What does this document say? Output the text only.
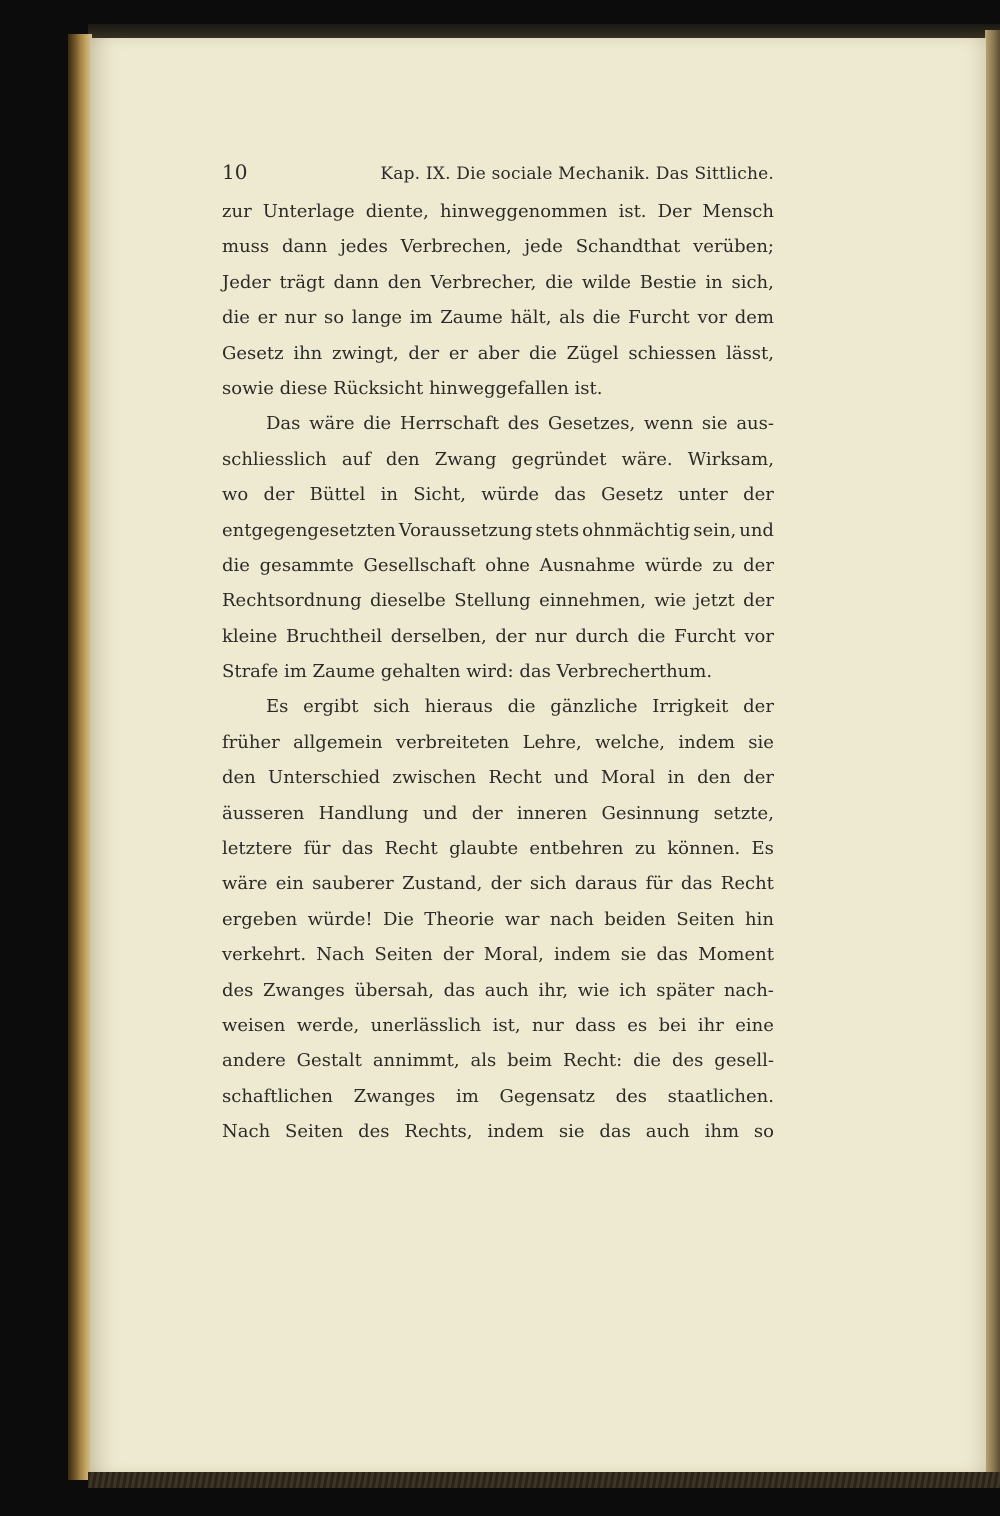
10	Kap. IX. Die sociale Mechanik. Das Sittliche.
zur Unterlage diente, hinweggenommen ist. Der Mensch
muss dann jedes Verbrechen, jede Schandthat verüben;
Jeder trägt dann den Verbrecher, die wilde Bestie in sich,
die er nur so lange im Zaume hält, als die Furcht vor dem
Gesetz ihn zwingt, der er aber die Zügel schiessen lässt,
sowie diese Rücksicht hinweggefallen ist.
Das wäre die Herrschaft des Gesetzes, wenn sie aus-
schliesslich auf den Zwang gegründet wäre. Wirksam,
wo der Büttel in Sicht, würde das Gesetz unter der
entgegengesetzten Voraussetzung stets ohnmächtig sein, und
die gesammte Gesellschaft ohne Ausnahme würde zu der
Rechtsordnung dieselbe Stellung einnehmen, wie jetzt der
kleine Bruchtheil derselben, der nur durch die Furcht vor
Strafe im Zaume gehalten wird: das Verbrecherthum.
Es ergibt sich hieraus die gänzliche Irrigkeit der
früher allgemein verbreiteten Lehre, welche, indem sie
den Unterschied zwischen Recht und Moral in den der
äusseren Handlung und der inneren Gesinnung setzte,
letztere für das Recht glaubte entbehren zu können. Es
wäre ein sauberer Zustand, der sich daraus für das Recht
ergeben würde! Die Theorie war nach beiden Seiten hin
verkehrt. Nach Seiten der Moral, indem sie das Moment
des Zwanges übersah, das auch ihr, wie ich später nach-
weisen werde, unerlässlich ist, nur dass es bei ihr eine
andere Gestalt annimmt, als beim Recht: die des gesell-
schaftlichen Zwanges im Gegensatz des staatlichen.
Nach Seiten des Rechts, indem sie das auch ihm so
